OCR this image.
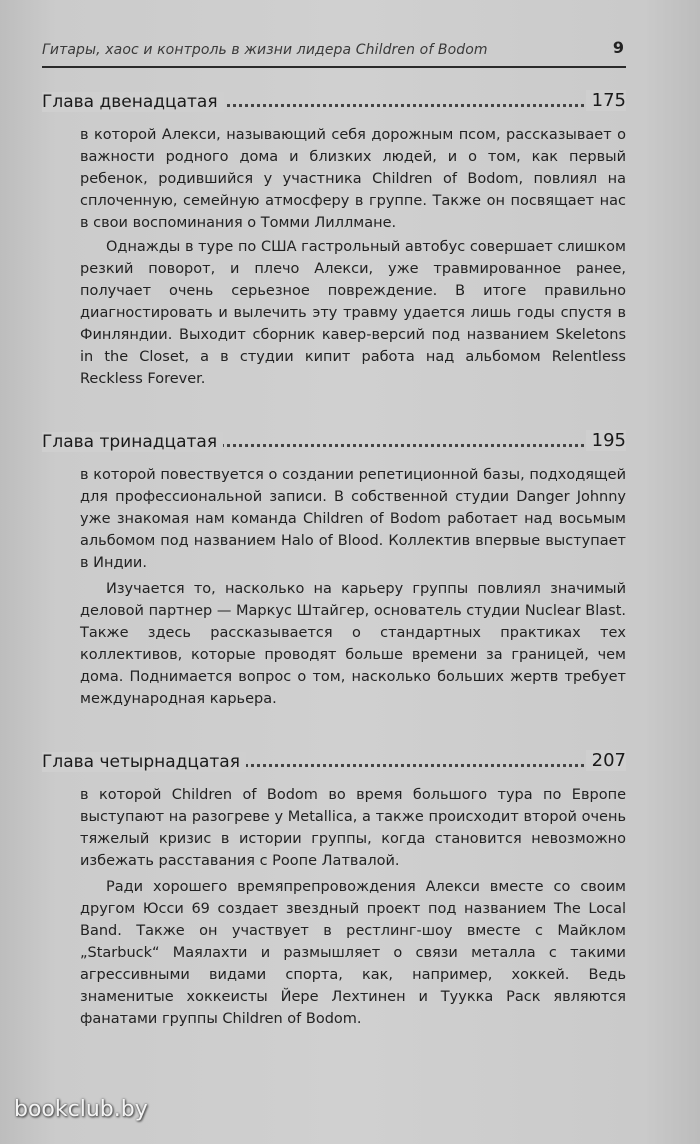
Гитары, хаос и контроль в жизни лидера Children of Bodom	9
Глава двенадцатая	175
в которой Алекси, называющий себя дорожным псом, рассказывает о важности родного дома и близких людей, и о том, как первый ребенок, родившийся у участника Children of Bodom, повлиял на сплоченную, семейную атмосферу в группе. Также он посвящает нас в свои воспоминания о Томми Лиллмане.
Однажды в туре по США гастрольный автобус совершает слишком резкий поворот, и плечо Алекси, уже травмированное ранее, получает очень серьезное повреждение. В итоге правильно диагностировать и вылечить эту травму удается лишь годы спустя в Финляндии. Выходит сборник кавер-версий под названием Skeletons in the Closet, а в студии кипит работа над альбомом Relentless Reckless Forever.
Глава тринадцатая	195
в которой повествуется о создании репетиционной базы, подходящей для профессиональной записи. В собственной студии Danger Johnny уже знакомая нам команда Children of Bodom работает над восьмым альбомом под названием Halo of Blood. Коллектив впервые выступает в Индии.
Изучается то, насколько на карьеру группы повлиял значимый деловой партнер — Маркус Штайгер, основатель студии Nuclear Blast. Также здесь рассказывается о стандартных практиках тех коллективов, которые проводят больше времени за границей, чем дома. Поднимается вопрос о том, насколько больших жертв требует международная карьера.
Глава четырнадцатая	207
в которой Children of Bodom во время большого тура по Европе выступают на разогреве у Metallica, а также происходит второй очень тяжелый кризис в истории группы, когда становится невозможно избежать расставания с Роопе Латвалой.
Ради хорошего времяпрепровождения Алекси вместе со своим другом Юсси 69 создает звездный проект под названием The Local Band. Также он участвует в рестлинг-шоу вместе с Майклом „Starbuck“ Маялахти и размышляет о связи металла с такими агрессивными видами спорта, как, например, хоккей. Ведь знаменитые хоккеисты Йере Лехтинен и Туукка Раск являются фанатами группы Children of Bodom.
bookclub.by
